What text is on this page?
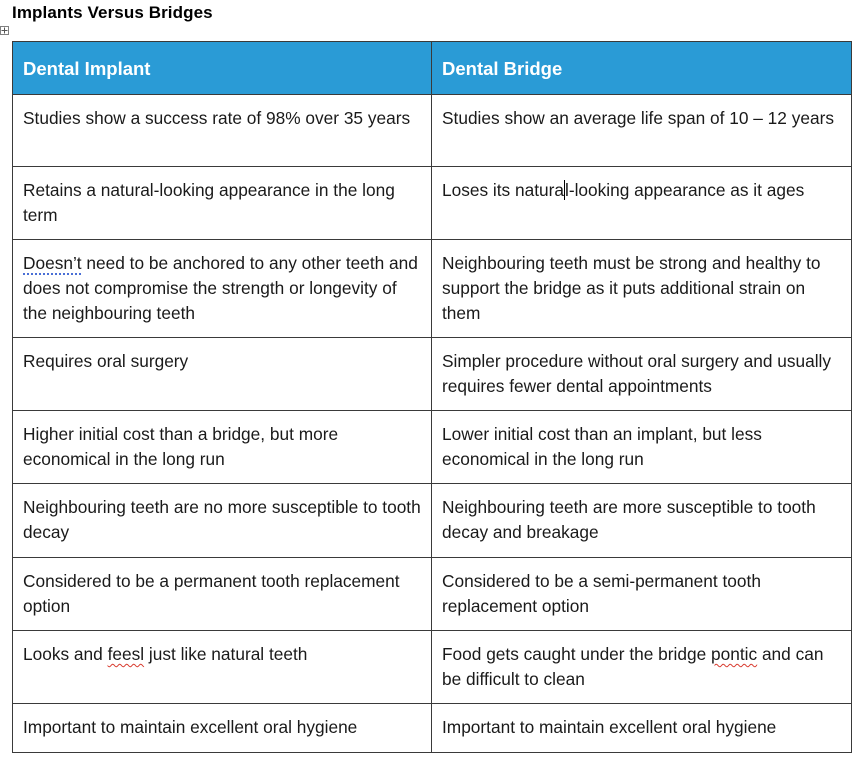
Implants Versus Bridges
Dental Implant	Dental Bridge
Studies show a success rate of 98% over 35 years	Studies show an average life span of 10 – 12 years
Retains a natural-looking appearance in the long term	Loses its natural-looking appearance as it ages
Doesn’t need to be anchored to any other teeth and does not compromise the strength or longevity of the neighbouring teeth	Neighbouring teeth must be strong and healthy to support the bridge as it puts additional strain on them
Requires oral surgery	Simpler procedure without oral surgery and usually requires fewer dental appointments
Higher initial cost than a bridge, but more economical in the long run	Lower initial cost than an implant, but less economical in the long run
Neighbouring teeth are no more susceptible to tooth decay	Neighbouring teeth are more susceptible to tooth decay and breakage
Considered to be a permanent tooth replacement option	Considered to be a semi-permanent tooth replacement option
Looks and feesl just like natural teeth	Food gets caught under the bridge pontic and can be difficult to clean
Important to maintain excellent oral hygiene	Important to maintain excellent oral hygiene
